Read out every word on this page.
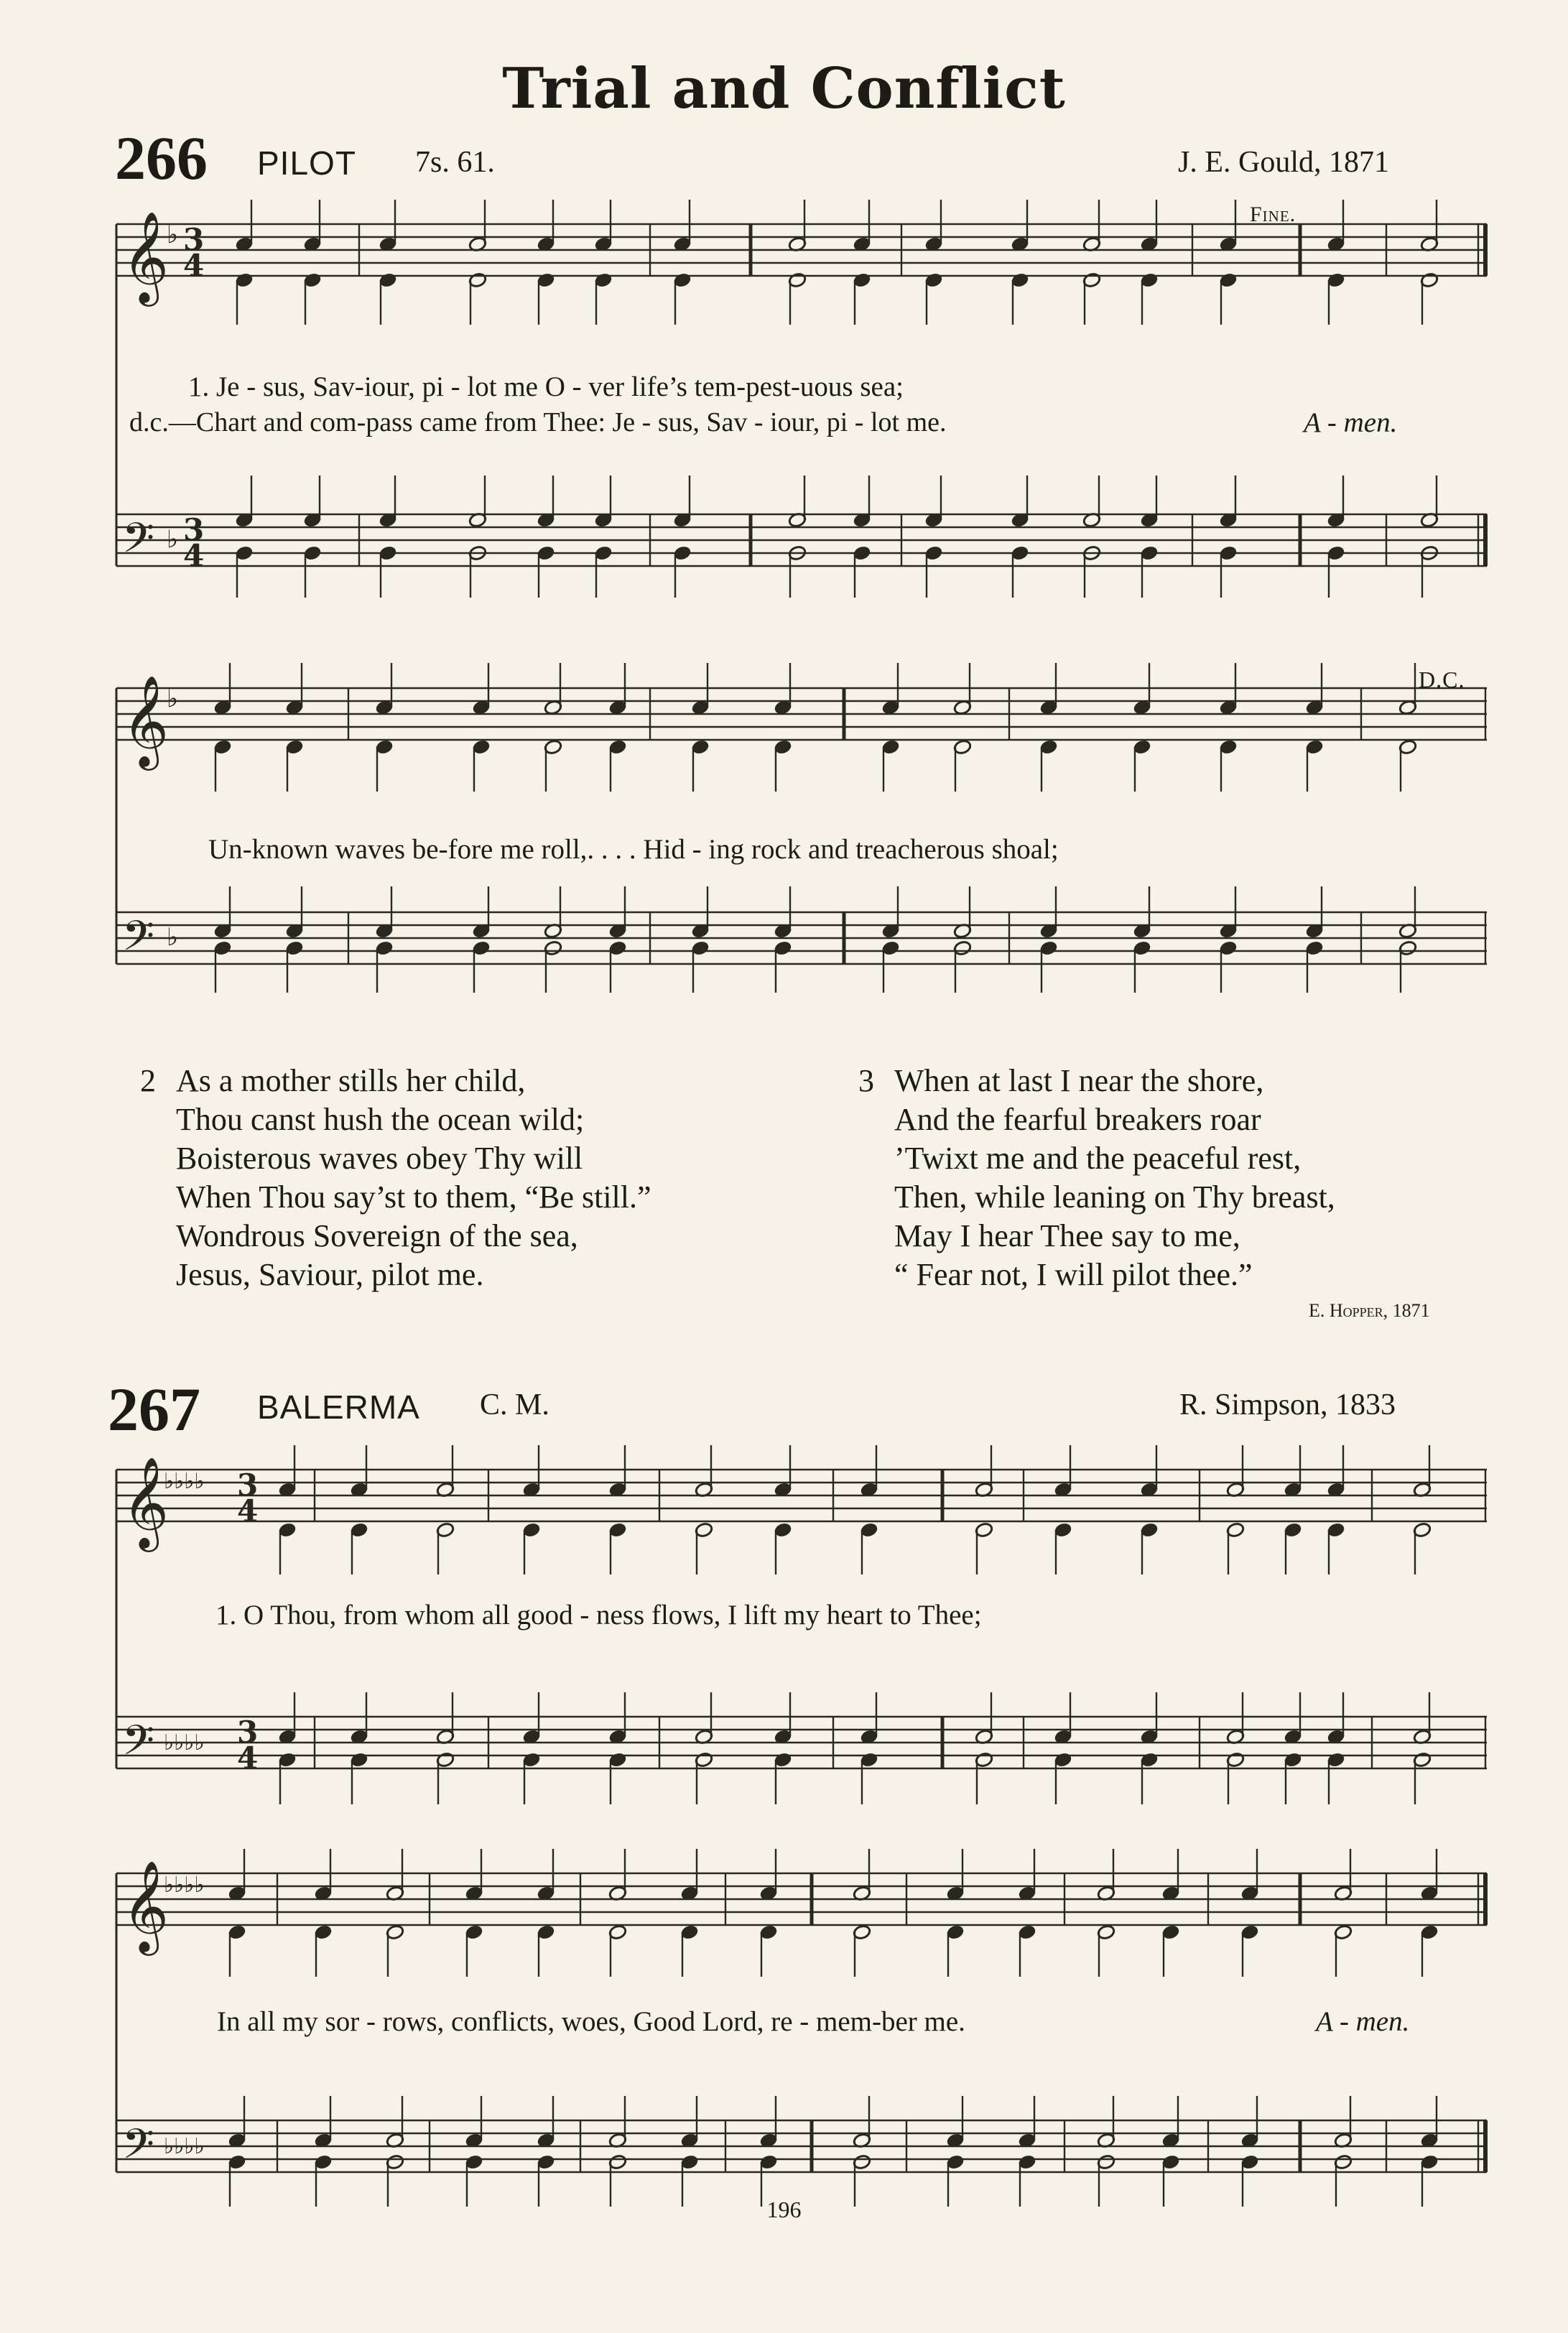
Trial and Conflict
266 PILOT 7s. 61.	J. E. Gould, 1871
𝄞
𝄢
3
4
3
4
♭
♭
𝄞
𝄢
♭
♭
𝄞
𝄢
♭♭♭♭
♭♭♭♭
3
4
3
4
𝄞
𝄢
♭♭♭♭
♭♭♭♭
Fine.
D.C.
1. Je - sus, Sav-iour, pi - lot me O - ver life’s tem-pest-uous sea;
d.c.—Chart and com-pass came from Thee: Je - sus, Sav - iour, pi - lot me.	A - men.
Un-known waves be-fore me roll,. . . . Hid - ing rock and treacherous shoal;
2 As a mother stills her child,
Thou canst hush the ocean wild;
Boisterous waves obey Thy will
When Thou say’st to them, “Be still.”
Wondrous Sovereign of the sea,
Jesus, Saviour, pilot me.
3 When at last I near the shore,
And the fearful breakers roar
’Twixt me and the peaceful rest,
Then, while leaning on Thy breast,
May I hear Thee say to me,
“ Fear not, I will pilot thee.”
E. Hopper, 1871
267 BALERMA C. M.	R. Simpson, 1833
1. O Thou, from whom all good - ness flows, I lift my heart to Thee;
In all my sor - rows, conflicts, woes, Good Lord, re - mem-ber me.	A - men.
196
